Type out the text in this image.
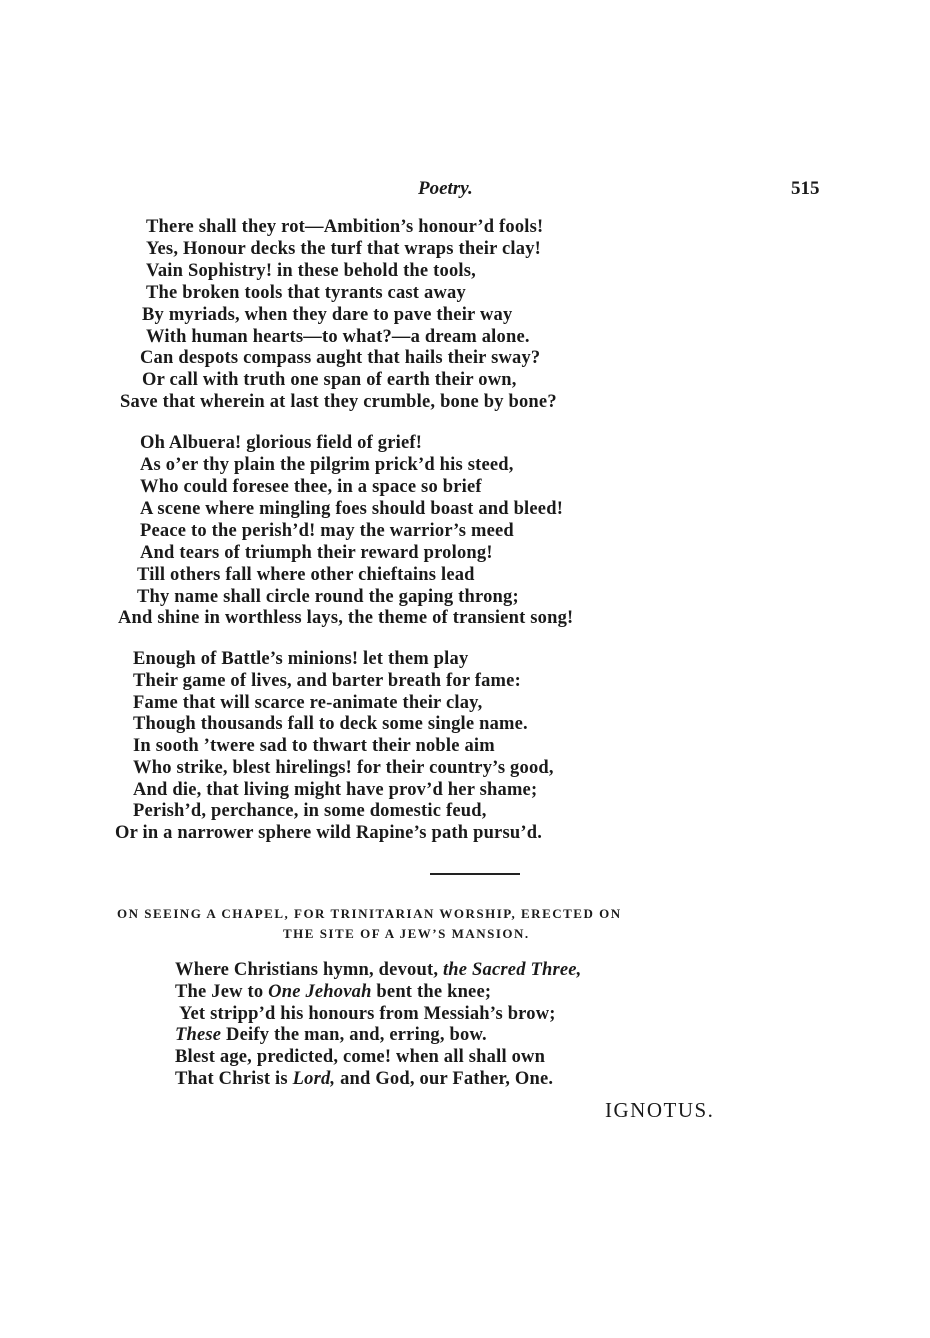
Poetry.	515
There shall they rot—Ambition’s honour’d fools!
Yes, Honour decks the turf that wraps their clay!
Vain Sophistry! in these behold the tools,
The broken tools that tyrants cast away
By myriads, when they dare to pave their way
With human hearts—to what?—a dream alone.
Can despots compass aught that hails their sway?
Or call with truth one span of earth their own,
Save that wherein at last they crumble, bone by bone?
Oh Albuera! glorious field of grief!
As o’er thy plain the pilgrim prick’d his steed,
Who could foresee thee, in a space so brief
A scene where mingling foes should boast and bleed!
Peace to the perish’d! may the warrior’s meed
And tears of triumph their reward prolong!
Till others fall where other chieftains lead
Thy name shall circle round the gaping throng;
And shine in worthless lays, the theme of transient song!
Enough of Battle’s minions! let them play
Their game of lives, and barter breath for fame:
Fame that will scarce re-animate their clay,
Though thousands fall to deck some single name.
In sooth ’twere sad to thwart their noble aim
Who strike, blest hirelings! for their country’s good,
And die, that living might have prov’d her shame;
Perish’d, perchance, in some domestic feud,
Or in a narrower sphere wild Rapine’s path pursu’d.
ON SEEING A CHAPEL, FOR TRINITARIAN WORSHIP, ERECTED ON
THE SITE OF A JEW’S MANSION.
Where Christians hymn, devout, the Sacred Three,
The Jew to One Jehovah bent the knee;
Yet stripp’d his honours from Messiah’s brow;
These Deify the man, and, erring, bow.
Blest age, predicted, come! when all shall own
That Christ is Lord, and God, our Father, One.
IGNOTUS.
